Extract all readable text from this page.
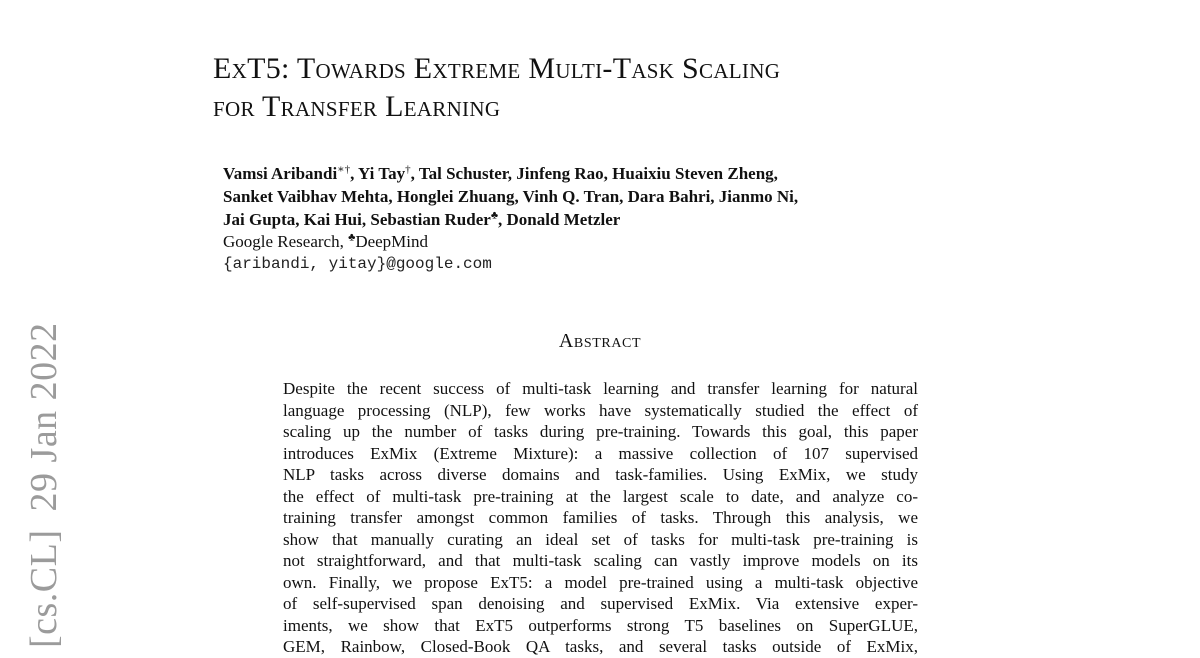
[cs.CL]29 Jan 2022
ExT5: Towards Extreme Multi-Task Scaling
for Transfer Learning
Vamsi Aribandi∗†, Yi Tay†, Tal Schuster, Jinfeng Rao, Huaixiu Steven Zheng,
Sanket Vaibhav Mehta, Honglei Zhuang, Vinh Q. Tran, Dara Bahri, Jianmo Ni,
Jai Gupta, Kai Hui, Sebastian Ruder♣, Donald Metzler
Google Research, ♣DeepMind
{aribandi, yitay}@google.com
Abstract
Despite the recent success of multi-task learning and transfer learning for natural
language processing (NLP), few works have systematically studied the effect of
scaling up the number of tasks during pre-training. Towards this goal, this paper
introduces ExMix (Extreme Mixture): a massive collection of 107 supervised
NLP tasks across diverse domains and task-families. Using ExMix, we study
the effect of multi-task pre-training at the largest scale to date, and analyze co-
training transfer amongst common families of tasks. Through this analysis, we
show that manually curating an ideal set of tasks for multi-task pre-training is
not straightforward, and that multi-task scaling can vastly improve models on its
own. Finally, we propose ExT5: a model pre-trained using a multi-task objective
of self-supervised span denoising and supervised ExMix. Via extensive exper-
iments, we show that ExT5 outperforms strong T5 baselines on SuperGLUE,
GEM, Rainbow, Closed-Book QA tasks, and several tasks outside of ExMix,
